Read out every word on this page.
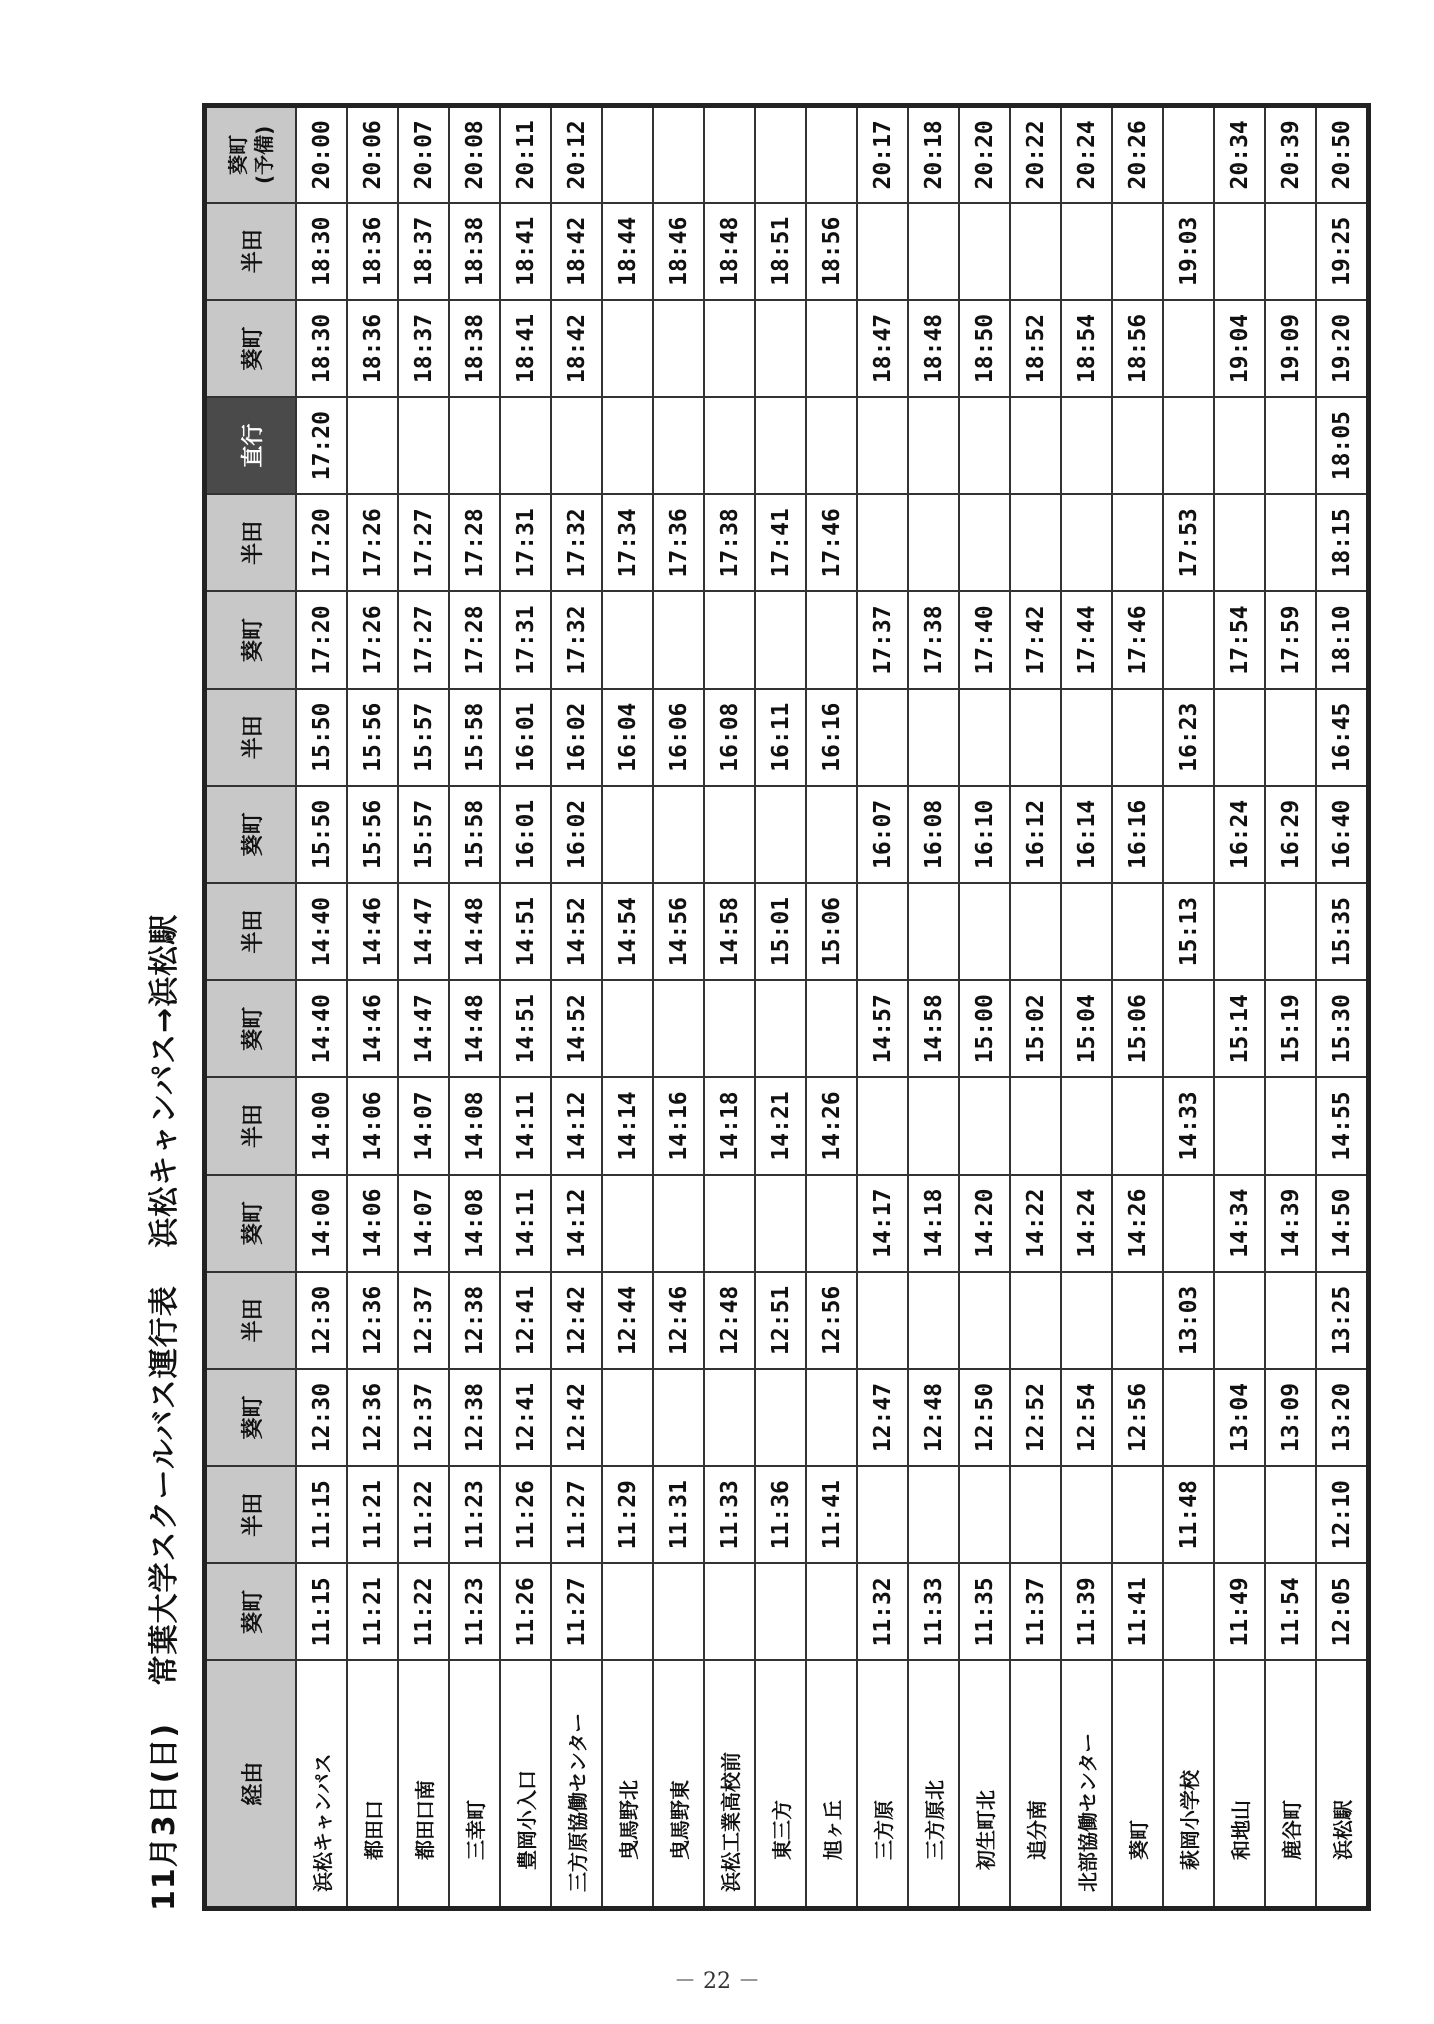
11月3日(日) 常葉大学スクールバス運行表 浜松キャンパス→浜松駅
経由	葵町	半田	葵町	半田	葵町	半田	葵町	半田	葵町	半田	葵町	半田	直行	葵町	半田	葵町 (予備)

浜松キャンパス	11:15	11:15	12:30	12:30	14:00	14:00	14:40	14:40	15:50	15:50	17:20	17:20	17:20	18:30	18:30	20:00
都田口	11:21	11:21	12:36	12:36	14:06	14:06	14:46	14:46	15:56	15:56	17:26	17:26		18:36	18:36	20:06
都田口南	11:22	11:22	12:37	12:37	14:07	14:07	14:47	14:47	15:57	15:57	17:27	17:27		18:37	18:37	20:07
三幸町	11:23	11:23	12:38	12:38	14:08	14:08	14:48	14:48	15:58	15:58	17:28	17:28		18:38	18:38	20:08
豊岡小入口	11:26	11:26	12:41	12:41	14:11	14:11	14:51	14:51	16:01	16:01	17:31	17:31		18:41	18:41	20:11
三方原協働センター	11:27	11:27	12:42	12:42	14:12	14:12	14:52	14:52	16:02	16:02	17:32	17:32		18:42	18:42	20:12
曳馬野北		11:29		12:44		14:14		14:54		16:04		17:34			18:44	
曳馬野東		11:31		12:46		14:16		14:56		16:06		17:36			18:46	
浜松工業高校前		11:33		12:48		14:18		14:58		16:08		17:38			18:48	
東三方		11:36		12:51		14:21		15:01		16:11		17:41			18:51	
旭ヶ丘		11:41		12:56		14:26		15:06		16:16		17:46			18:56	
三方原	11:32		12:47		14:17		14:57		16:07		17:37			18:47		20:17
三方原北	11:33		12:48		14:18		14:58		16:08		17:38			18:48		20:18
初生町北	11:35		12:50		14:20		15:00		16:10		17:40			18:50		20:20
追分南	11:37		12:52		14:22		15:02		16:12		17:42			18:52		20:22
北部協働センター	11:39		12:54		14:24		15:04		16:14		17:44			18:54		20:24
葵町	11:41		12:56		14:26		15:06		16:16		17:46			18:56		20:26
萩岡小学校		11:48		13:03		14:33		15:13		16:23		17:53			19:03	
和地山	11:49		13:04		14:34		15:14		16:24		17:54			19:04		20:34
鹿谷町	11:54		13:09		14:39		15:19		16:29		17:59			19:09		20:39
浜松駅	12:05	12:10	13:20	13:25	14:50	14:55	15:30	15:35	16:40	16:45	18:10	18:15	18:05	19:20	19:25	20:50
－ 22 －
